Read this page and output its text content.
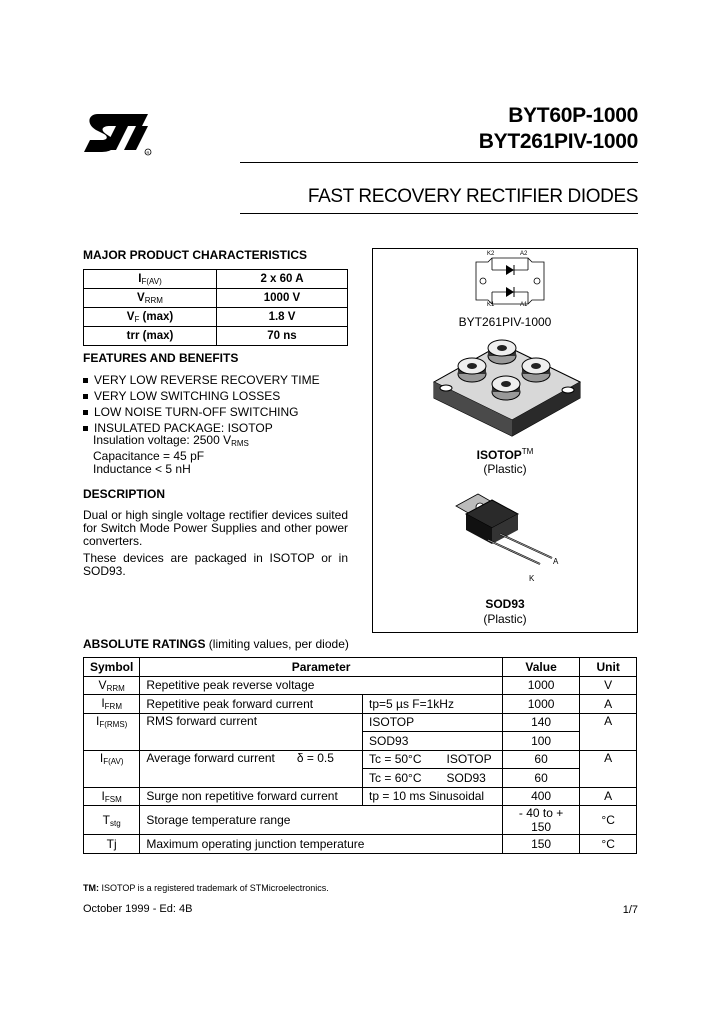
R
BYT60P-1000
BYT261PIV-1000
FAST RECOVERY RECTIFIER DIODES
MAJOR PRODUCT CHARACTERISTICS
$I_{F(AV)}$	2 x 60 A
$V_{RRM}$	1000 V
$V_F$ (max)	1.8 V
trr (max)	70 ns
FEATURES AND BENEFITS
VERY LOW REVERSE RECOVERY TIME
VERY LOW SWITCHING LOSSES
LOW NOISE TURN-OFF SWITCHING
INSULATED PACKAGE: ISOTOP
Insulation voltage: 2500 $V_{RMS}$
Capacitance = 45 pF
Inductance < 5 nH
DESCRIPTION
Dual or high single voltage rectifier devices suited for Switch Mode Power Supplies and other power converters.
These devices are packaged in ISOTOP or in SOD93.
K2	A2
K1	A1
BYT261PIV-1000
ISOTOP™
(Plastic)
A
K
SOD93
(Plastic)
ABSOLUTE RATINGS (limiting values, per diode)
Symbol	Parameter		Value	Unit
$V_{RRM}$	Repetitive peak reverse voltage		1000	V
$I_{FRM}$	Repetitive peak forward current	tp=5 µs F=1kHz	1000	A
$I_{F(RMS)}$	RMS forward current	ISOTOP	140	A
		SOD93	100	
$I_{F(AV)}$	Average forward current δ = 0.5	Tc = 50°C ISOTOP	60	A
		Tc = 60°C SOD93	60	
$I_{FSM}$	Surge non repetitive forward current	tp = 10 ms Sinusoidal	400	A
$T_{stg}$	Storage temperature range		- 40 to + 150	°C
Tj	Maximum operating junction temperature		150	°C
TM: ISOTOP is a registered trademark of STMicroelectronics.
October 1999 - Ed: 4B	1/7
